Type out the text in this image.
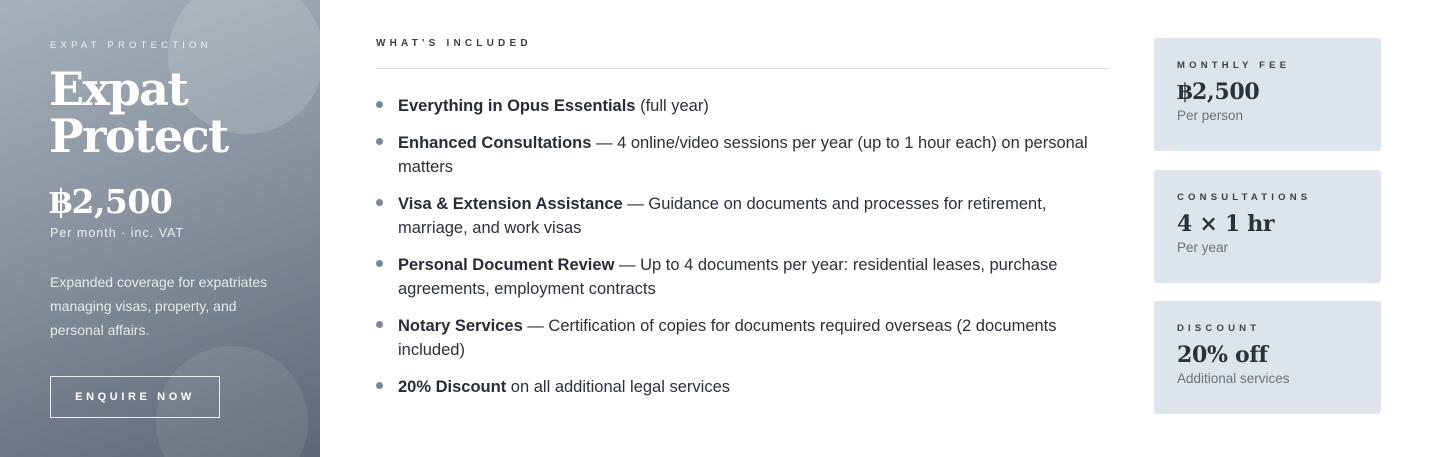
EXPAT PROTECTION
Expat Protect
฿2,500
Per month · inc. VAT

Expanded coverage for expatriates managing visas, property, and personal affairs.

ENQUIRE NOW
WHAT'S INCLUDED
Everything in Opus Essentials (full year)
Enhanced Consultations — 4 online/video sessions per year (up to 1 hour each) on personal matters
Visa & Extension Assistance — Guidance on documents and processes for retirement, marriage, and work visas
Personal Document Review — Up to 4 documents per year: residential leases, purchase agreements, employment contracts
Notary Services — Certification of copies for documents required overseas (2 documents included)
20% Discount on all additional legal services
MONTHLY FEE
฿2,500
Per person
CONSULTATIONS
4 × 1 hr
Per year
DISCOUNT
20% off
Additional services
